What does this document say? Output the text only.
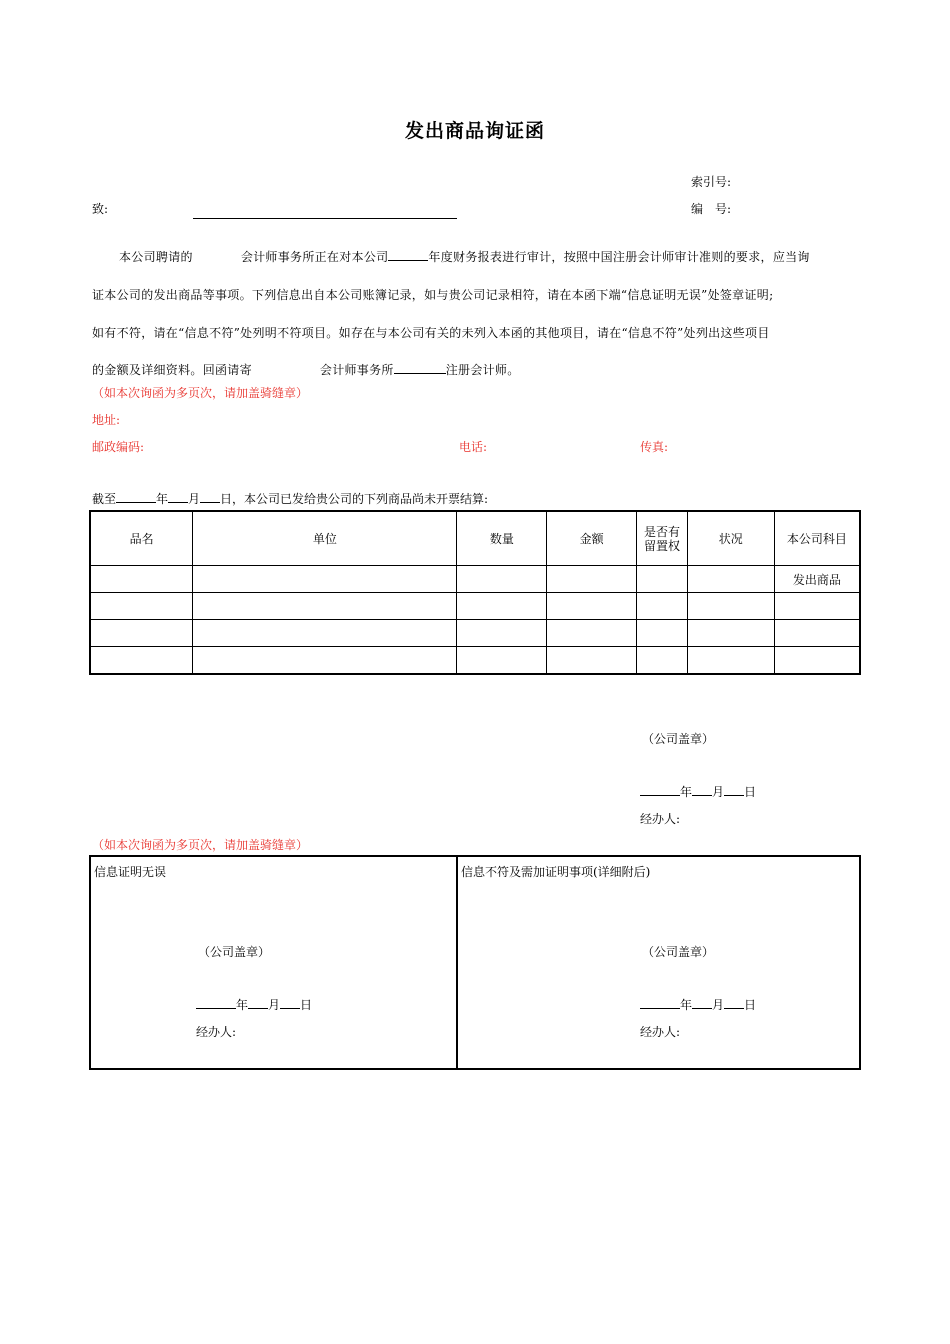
发出商品询证函
索引号:
编　号:
致:
本公司聘请的	会计师事务所正在对本公司	年度财务报表进行审计，按照中国注册会计师审计准则的要求，应当询
证本公司的发出商品等事项。下列信息出自本公司账簿记录，如与贵公司记录相符，请在本函下端“信息证明无误”处签章证明;
如有不符，请在“信息不符”处列明不符项目。如存在与本公司有关的未列入本函的其他项目，请在“信息不符”处列出这些项目
的金额及详细资料。回函请寄	会计师事务所	注册会计师。
（如本次询函为多页次，请加盖骑缝章）
地址:
邮政编码:	电话:	传真:
截至	年 月 日，本公司已发给贵公司的下列商品尚未开票结算:
品名	单位	数量	金额	是否有留置权	状况	本公司科目
						发出商品

（公司盖章）
年 月 日
经办人:
（如本次询函为多页次，请加盖骑缝章）
信息证明无误
（公司盖章）
年 月 日
经办人:
信息不符及需加证明事项(详细附后)
（公司盖章）
年 月 日
经办人:
